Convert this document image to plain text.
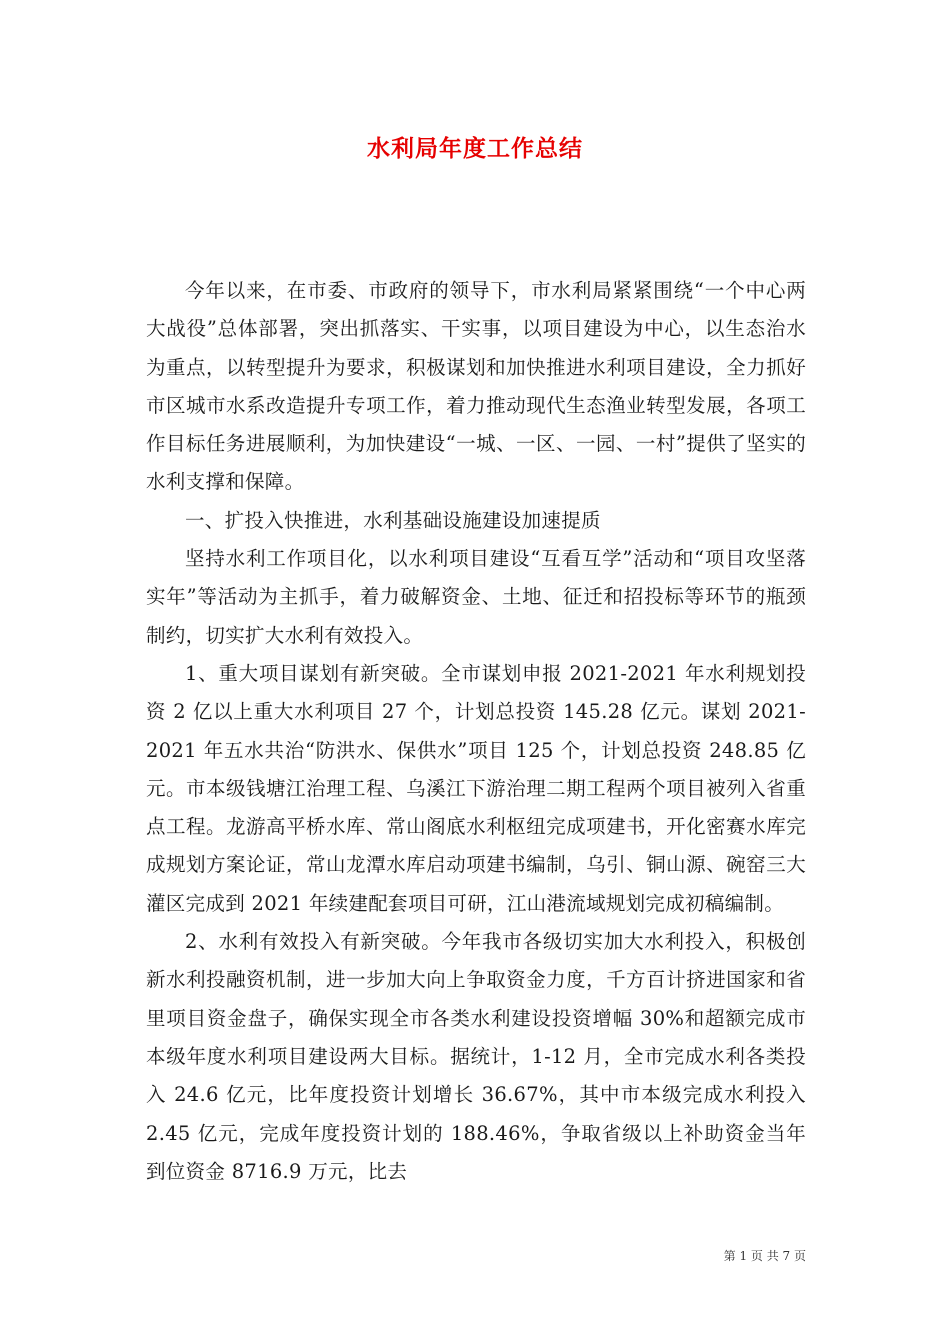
水利局年度工作总结

今年以来，在市委、市政府的领导下，市水利局紧紧围绕“一个中心两大战役”总体部署，突出抓落实、干实事，以项目建设为中心，以生态治水为重点，以转型提升为要求，积极谋划和加快推进水利项目建设，全力抓好市区城市水系改造提升专项工作，着力推动现代生态渔业转型发展，各项工作目标任务进展顺利，为加快建设“一城、一区、一园、一村”提供了坚实的水利支撑和保障。

一、扩投入快推进，水利基础设施建设加速提质

坚持水利工作项目化，以水利项目建设“互看互学”活动和“项目攻坚落实年”等活动为主抓手，着力破解资金、土地、征迁和招投标等环节的瓶颈制约，切实扩大水利有效投入。

1、重大项目谋划有新突破。全市谋划申报 2021-2021 年水利规划投资 2 亿以上重大水利项目 27 个，计划总投资 145.28 亿元。谋划 2021-2021 年五水共治“防洪水、保供水”项目 125 个，计划总投资 248.85 亿元。市本级钱塘江治理工程、乌溪江下游治理二期工程两个项目被列入省重点工程。龙游高平桥水库、常山阁底水利枢纽完成项建书，开化密赛水库完成规划方案论证，常山龙潭水库启动项建书编制，乌引、铜山源、碗窑三大灌区完成到 2021 年续建配套项目可研，江山港流域规划完成初稿编制。

2、水利有效投入有新突破。今年我市各级切实加大水利投入，积极创新水利投融资机制，进一步加大向上争取资金力度，千方百计挤进国家和省里项目资金盘子，确保实现全市各类水利建设投资增幅 30%和超额完成市本级年度水利项目建设两大目标。据统计，1-12 月，全市完成水利各类投入 24.6 亿元，比年度投资计划增长 36.67%，其中市本级完成水利投入 2.45 亿元，完成年度投资计划的 188.46%，争取省级以上补助资金当年到位资金 8716.9 万元，比去

第 1 页 共 7 页
